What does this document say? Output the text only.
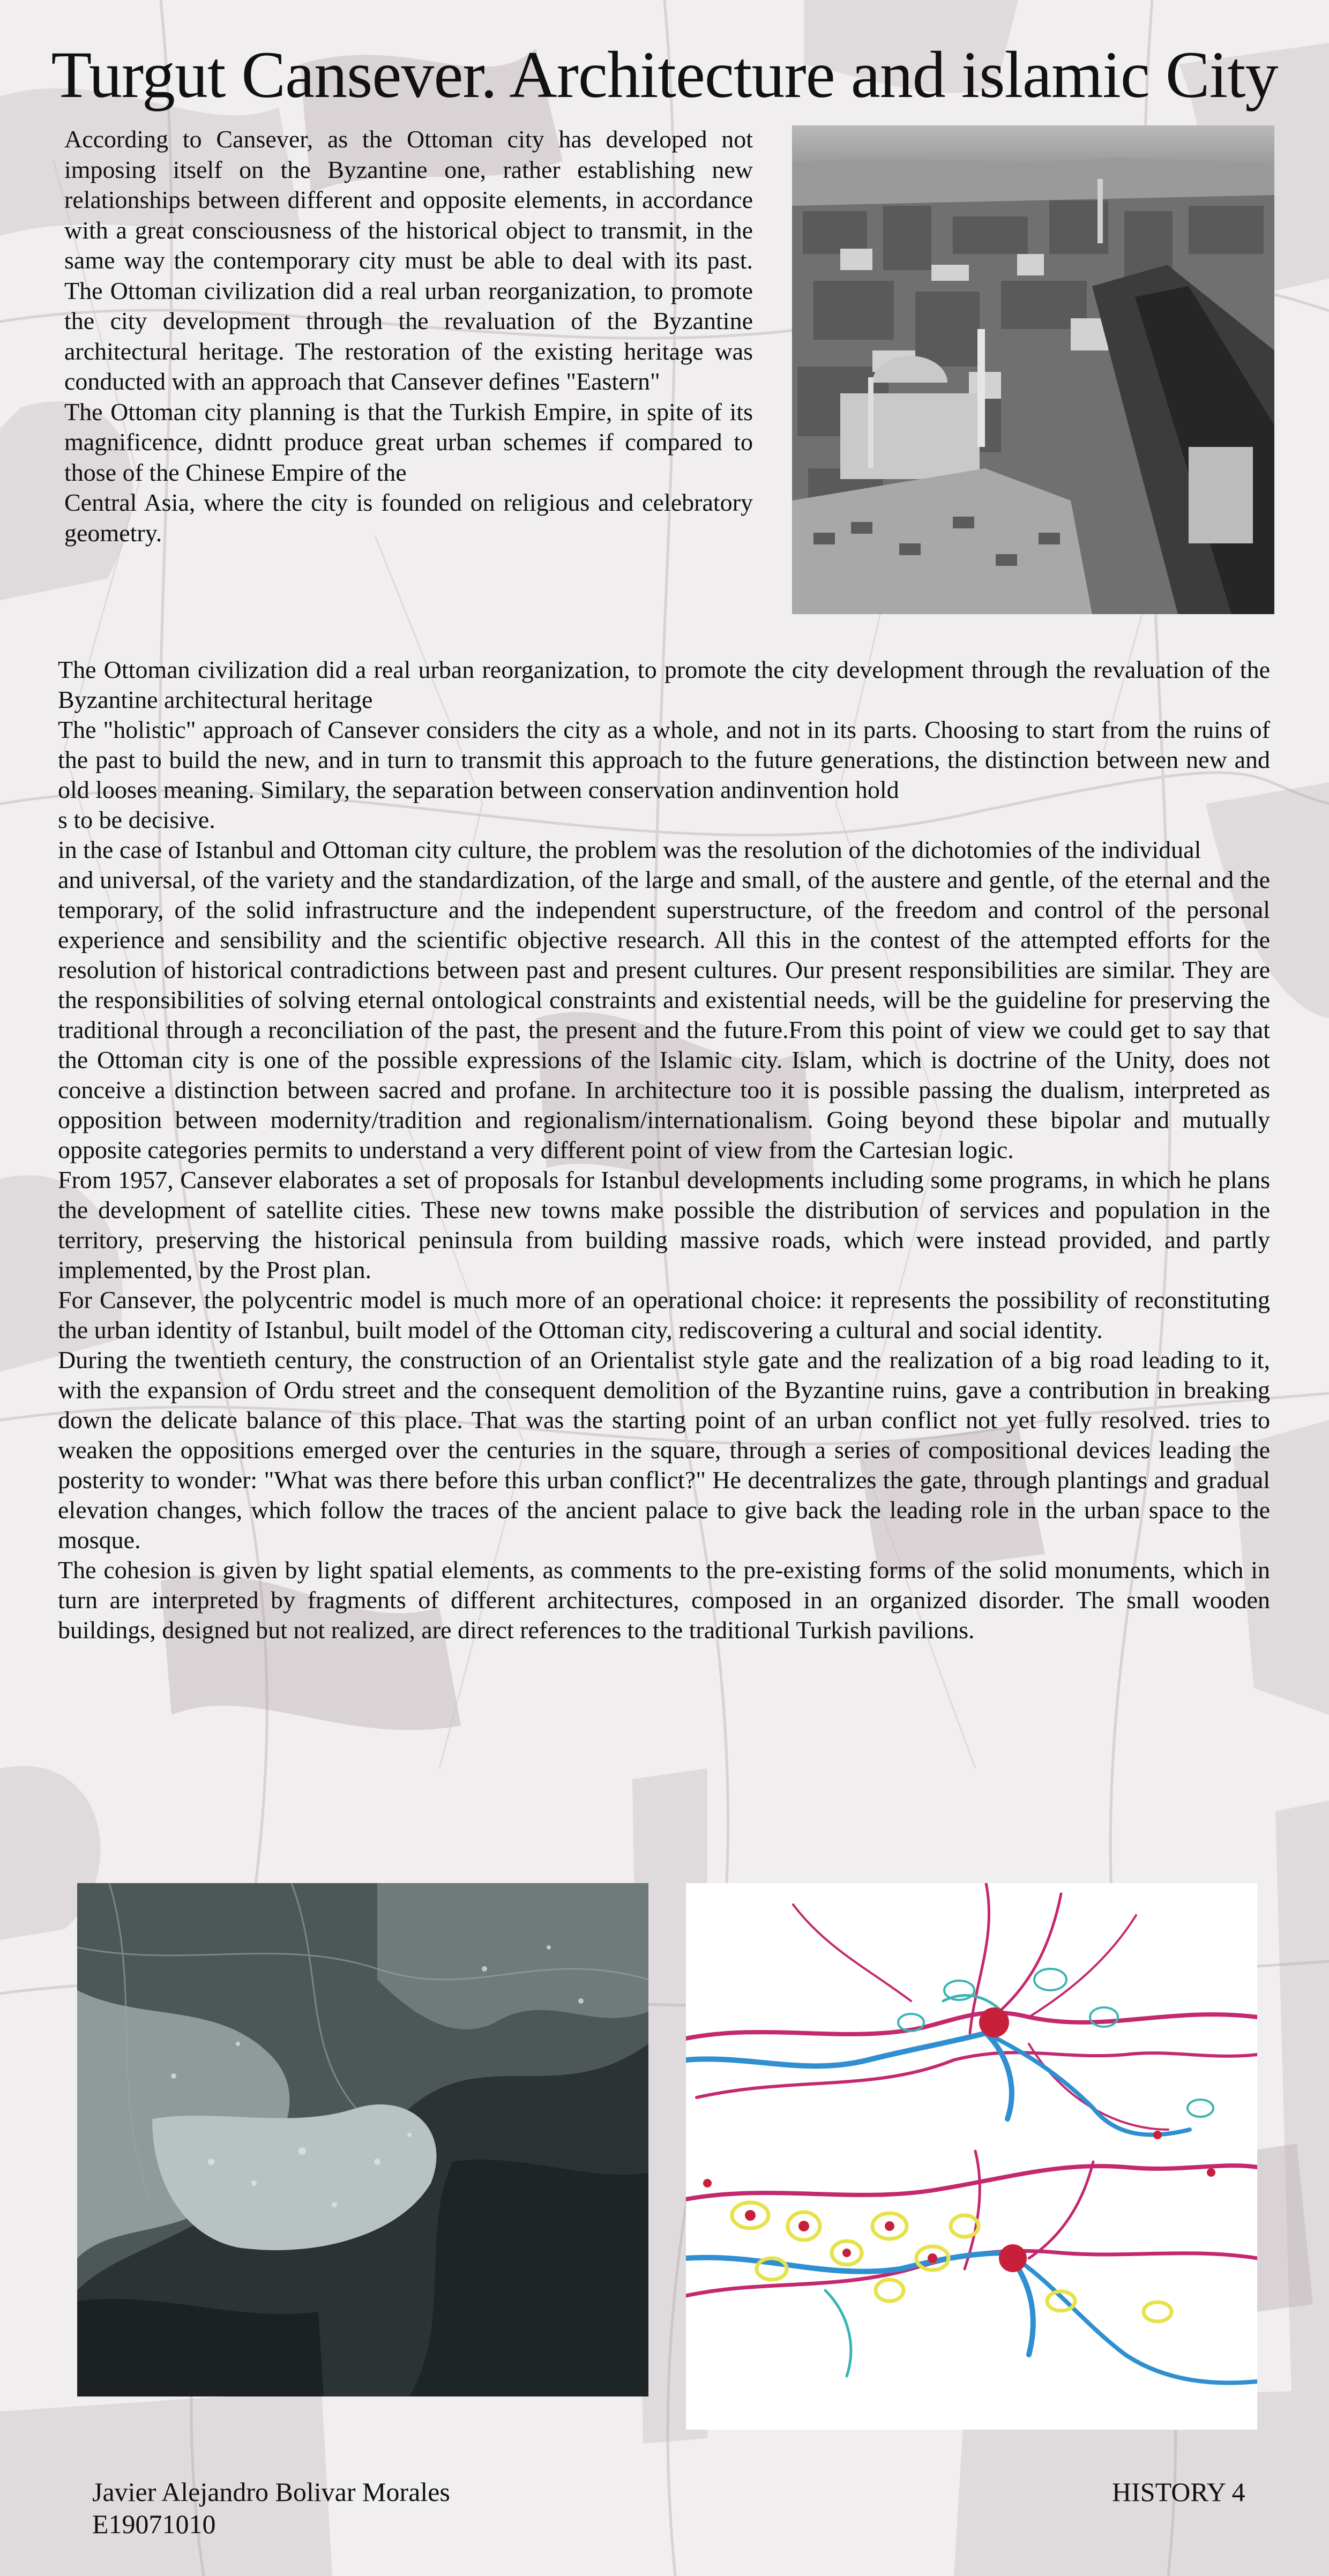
Turgut Cansever. Architecture and islamic City

According to Cansever, as the Ottoman city has developed not imposing itself on the Byzantine one, rather establishing new relationships between different and opposite elements, in accordance with a great consciousness of the historical object to transmit, in the same way the contemporary city must be able to deal with its past. The Ottoman civilization did a real urban reorganization, to promote the city development through the revaluation of the Byzantine architectural heritage. The restoration of the existing heritage was conducted with an approach that Cansever defines "Eastern"

The Ottoman city planning is that the Turkish Empire, in spite of its magnificence, didntt produce great urban schemes if compared to those of the Chinese Empire of the

Central Asia, where the city is founded on religious and celebratory geometry.

The Ottoman civilization did a real urban reorganization, to promote the city development through the revaluation of the Byzantine architectural heritage

The "holistic" approach of Cansever considers the city as a whole, and not in its parts. Choosing to start from the ruins of the past to build the new, and in turn to transmit this approach to the future generations, the distinction between new and old looses meaning. Similary, the separation between conservation andinvention hold

s to be decisive.

in the case of Istanbul and Ottoman city culture, the problem was the resolution of the dichotomies of the individual

and universal, of the variety and the standardization, of the large and small, of the austere and gentle, of the eternal and the temporary, of the solid infrastructure and the independent superstructure, of the freedom and control of the personal experience and sensibility and the scientific objective research. All this in the contest of the attempted efforts for the resolution of historical contradictions between past and present cultures. Our present responsibilities are similar. They are the responsibilities of solving eternal ontological constraints and existential needs, will be the guideline for preserving the traditional through a reconciliation of the past, the present and the future.From this point of view we could get to say that the Ottoman city is one of the possible expressions of the Islamic city. Islam, which is doctrine of the Unity, does not conceive a distinction between sacred and profane. In architecture too it is possible passing the dualism, interpreted as opposition between modernity/tradition and regionalism/internationalism. Going beyond these bipolar and mutually opposite categories permits to understand a very different point of view from the Cartesian logic.

From 1957, Cansever elaborates a set of proposals for Istanbul developments including some programs, in which he plans the development of satellite cities. These new towns make possible the distribution of services and population in the territory, preserving the historical peninsula from building massive roads, which were instead provided, and partly implemented, by the Prost plan.

For Cansever, the polycentric model is much more of an operational choice: it represents the possibility of reconstituting the urban identity of Istanbul, built model of the Ottoman city, rediscovering a cultural and social identity.

During the twentieth century, the construction of an Orientalist style gate and the realization of a big road leading to it, with the expansion of Ordu street and the consequent demolition of the Byzantine ruins, gave a contribution in breaking down the delicate balance of this place. That was the starting point of an urban conflict not yet fully resolved. tries to weaken the oppositions emerged over the centuries in the square, through a series of compositional devices leading the posterity to wonder: "What was there before this urban conflict?" He decentralizes the gate, through plantings and gradual elevation changes, which follow the traces of the ancient palace to give back the leading role in the urban space to the mosque.

The cohesion is given by light spatial elements, as comments to the pre-existing forms of the solid monuments, which in turn are interpreted by fragments of different architectures, composed in an organized disorder. The small wooden buildings, designed but not realized, are direct references to the traditional Turkish pavilions.

Javier Alejandro Bolivar Morales
E19071010
HISTORY 4
